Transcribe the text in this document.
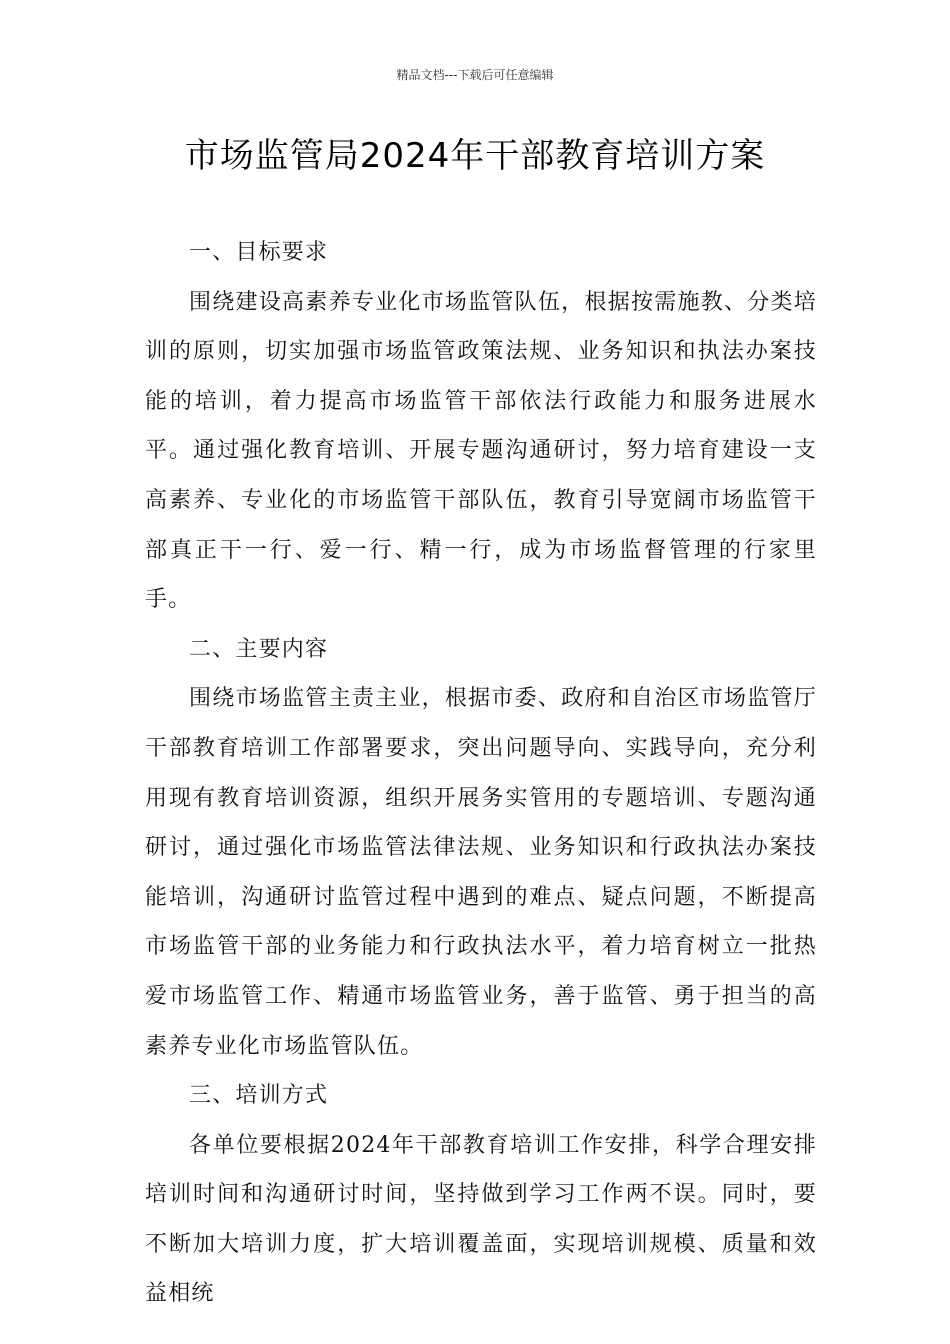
精品文档---下载后可任意编辑
市场监管局2024年干部教育培训方案

一、目标要求

围绕建设高素养专业化市场监管队伍，根据按需施教、分类培训的原则，切实加强市场监管政策法规、业务知识和执法办案技能的培训，着力提高市场监管干部依法行政能力和服务进展水平。通过强化教育培训、开展专题沟通研讨，努力培育建设一支高素养、专业化的市场监管干部队伍，教育引导宽阔市场监管干部真正干一行、爱一行、精一行，成为市场监督管理的行家里手。

二、主要内容

围绕市场监管主责主业，根据市委、政府和自治区市场监管厅干部教育培训工作部署要求，突出问题导向、实践导向，充分利用现有教育培训资源，组织开展务实管用的专题培训、专题沟通研讨，通过强化市场监管法律法规、业务知识和行政执法办案技能培训，沟通研讨监管过程中遇到的难点、疑点问题，不断提高市场监管干部的业务能力和行政执法水平，着力培育树立一批热爱市场监管工作、精通市场监管业务，善于监管、勇于担当的高素养专业化市场监管队伍。

三、培训方式

各单位要根据2024年干部教育培训工作安排，科学合理安排培训时间和沟通研讨时间，坚持做到学习工作两不误。同时，要不断加大培训力度，扩大培训覆盖面，实现培训规模、质量和效益相统
